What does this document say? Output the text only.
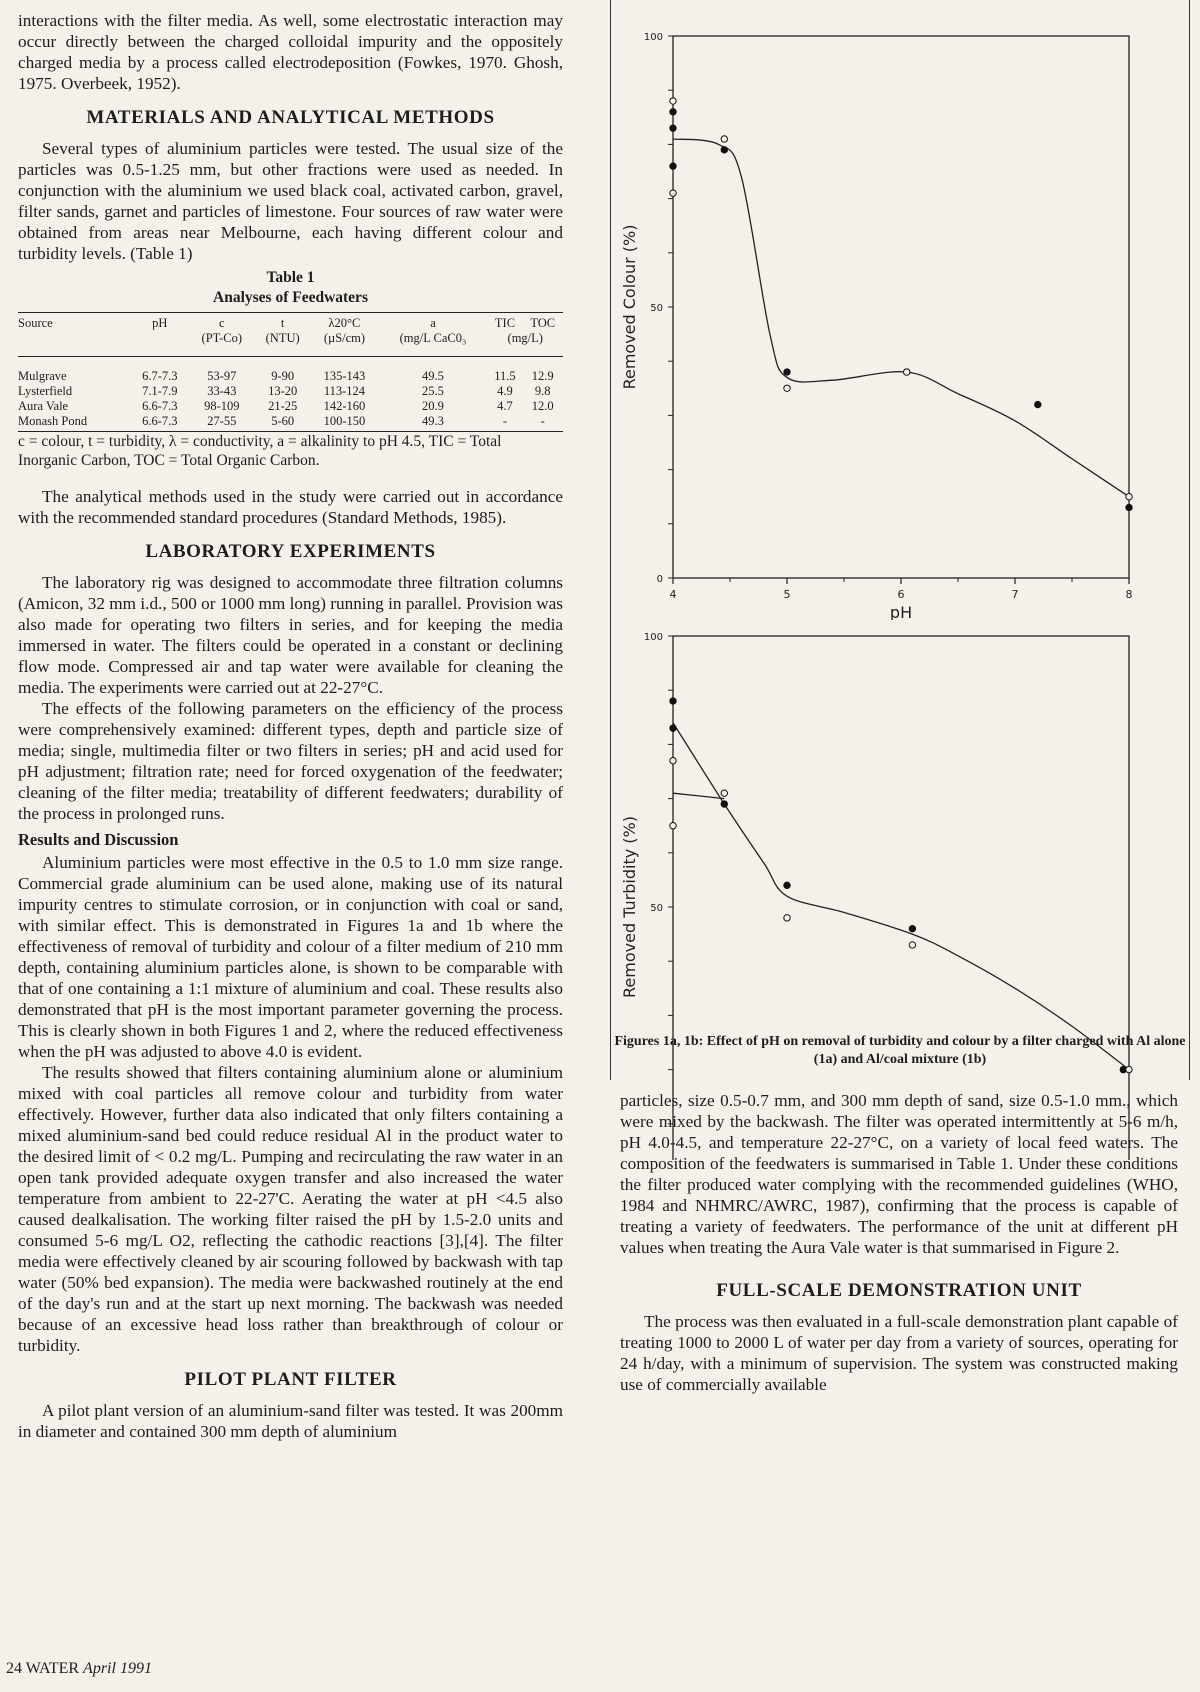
interactions with the filter media. As well, some electrostatic interaction may occur directly between the charged colloidal impurity and the oppositely charged media by a process called electrodeposition (Fowkes, 1970. Ghosh, 1975. Overbeek, 1952).

MATERIALS AND ANALYTICAL METHODS

Several types of aluminium particles were tested. The usual size of the particles was 0.5-1.25 mm, but other fractions were used as needed. In conjunction with the aluminium we used black coal, activated carbon, gravel, filter sands, garnet and particles of limestone. Four sources of raw water were obtained from areas near Melbourne, each having different colour and turbidity levels. (Table 1)

Table 1
Analyses of Feedwaters
Source	pH	c	t	λ20°C	a	TIC	TOC
		(PT-Co)	(NTU)	(µS/cm)	(mg/L CaC0₃	(mg/L)	
Mulgrave	6.7-7.3	53-97	9-90	135-143	49.5	11.5	12.9
Lysterfield	7.1-7.9	33-43	13-20	113-124	25.5	4.9	9.8
Aura Vale	6.6-7.3	98-109	21-25	142-160	20.9	4.7	12.0
Monash Pond	6.6-7.3	27-55	5-60	100-150	49.3	-	-

c = colour, t = turbidity, λ = conductivity, a = alkalinity to pH 4.5, TIC = Total Inorganic Carbon, TOC = Total Organic Carbon.

The analytical methods used in the study were carried out in accordance with the recommended standard procedures (Standard Methods, 1985).

LABORATORY EXPERIMENTS

The laboratory rig was designed to accommodate three filtration columns (Amicon, 32 mm i.d., 500 or 1000 mm long) running in parallel. Provision was also made for operating two filters in series, and for keeping the media immersed in water. The filters could be operated in a constant or declining flow mode. Compressed air and tap water were available for cleaning the media. The experiments were carried out at 22-27°C.

The effects of the following parameters on the efficiency of the process were comprehensively examined: different types, depth and particle size of media; single, multimedia filter or two filters in series; pH and acid used for pH adjustment; filtration rate; need for forced oxygenation of the feedwater; cleaning of the filter media; treatability of different feedwaters; durability of the process in prolonged runs.

Results and Discussion

Aluminium particles were most effective in the 0.5 to 1.0 mm size range. Commercial grade aluminium can be used alone, making use of its natural impurity centres to stimulate corrosion, or in conjunction with coal or sand, with similar effect. This is demonstrated in Figures 1a and 1b where the effectiveness of removal of turbidity and colour of a filter medium of 210 mm depth, containing aluminium particles alone, is shown to be comparable with that of one containing a 1:1 mixture of aluminium and coal. These results also demonstrated that pH is the most important parameter governing the process. This is clearly shown in both Figures 1 and 2, where the reduced effectiveness when the pH was adjusted to above 4.0 is evident.

The results showed that filters containing aluminium alone or aluminium mixed with coal particles all remove colour and turbidity from water effectively. However, further data also indicated that only filters containing a mixed aluminium-sand bed could reduce residual Al in the product water to the desired limit of < 0.2 mg/L. Pumping and recirculating the raw water in an open tank provided adequate oxygen transfer and also increased the water temperature from ambient to 22-27'C. Aerating the water at pH <4.5 also caused dealkalisation. The working filter raised the pH by 1.5-2.0 units and consumed 5-6 mg/L O2, reflecting the cathodic reactions [3],[4]. The filter media were effectively cleaned by air scouring followed by backwash with tap water (50% bed expansion). The media were backwashed routinely at the end of the day's run and at the start up next morning. The backwash was needed because of an excessive head loss rather than breakthrough of colour or turbidity.

PILOT PLANT FILTER

A pilot plant version of an aluminium-sand filter was tested. It was 200mm in diameter and contained 300 mm depth of aluminium

4	5	6	7	8
0
50
100
pH
Removed Colour (%)
50
100
Removed Turbidity (%)
Figures 1a, 1b: Effect of pH on removal of turbidity and colour by a filter charged with Al alone (1a) and Al/coal mixture (1b)

particles, size 0.5-0.7 mm, and 300 mm depth of sand, size 0.5-1.0 mm., which were mixed by the backwash. The filter was operated intermittently at 5-6 m/h, pH 4.0-4.5, and temperature 22-27°C, on a variety of local feed waters. The composition of the feedwaters is summarised in Table 1. Under these conditions the filter produced water complying with the recommended guidelines (WHO, 1984 and NHMRC/AWRC, 1987), confirming that the process is capable of treating a variety of feedwaters. The performance of the unit at different pH values when treating the Aura Vale water is that summarised in Figure 2.

FULL-SCALE DEMONSTRATION UNIT

The process was then evaluated in a full-scale demonstration plant capable of treating 1000 to 2000 L of water per day from a variety of sources, operating for 24 h/day, with a minimum of supervision. The system was constructed making use of commercially available

24 WATER April 1991
